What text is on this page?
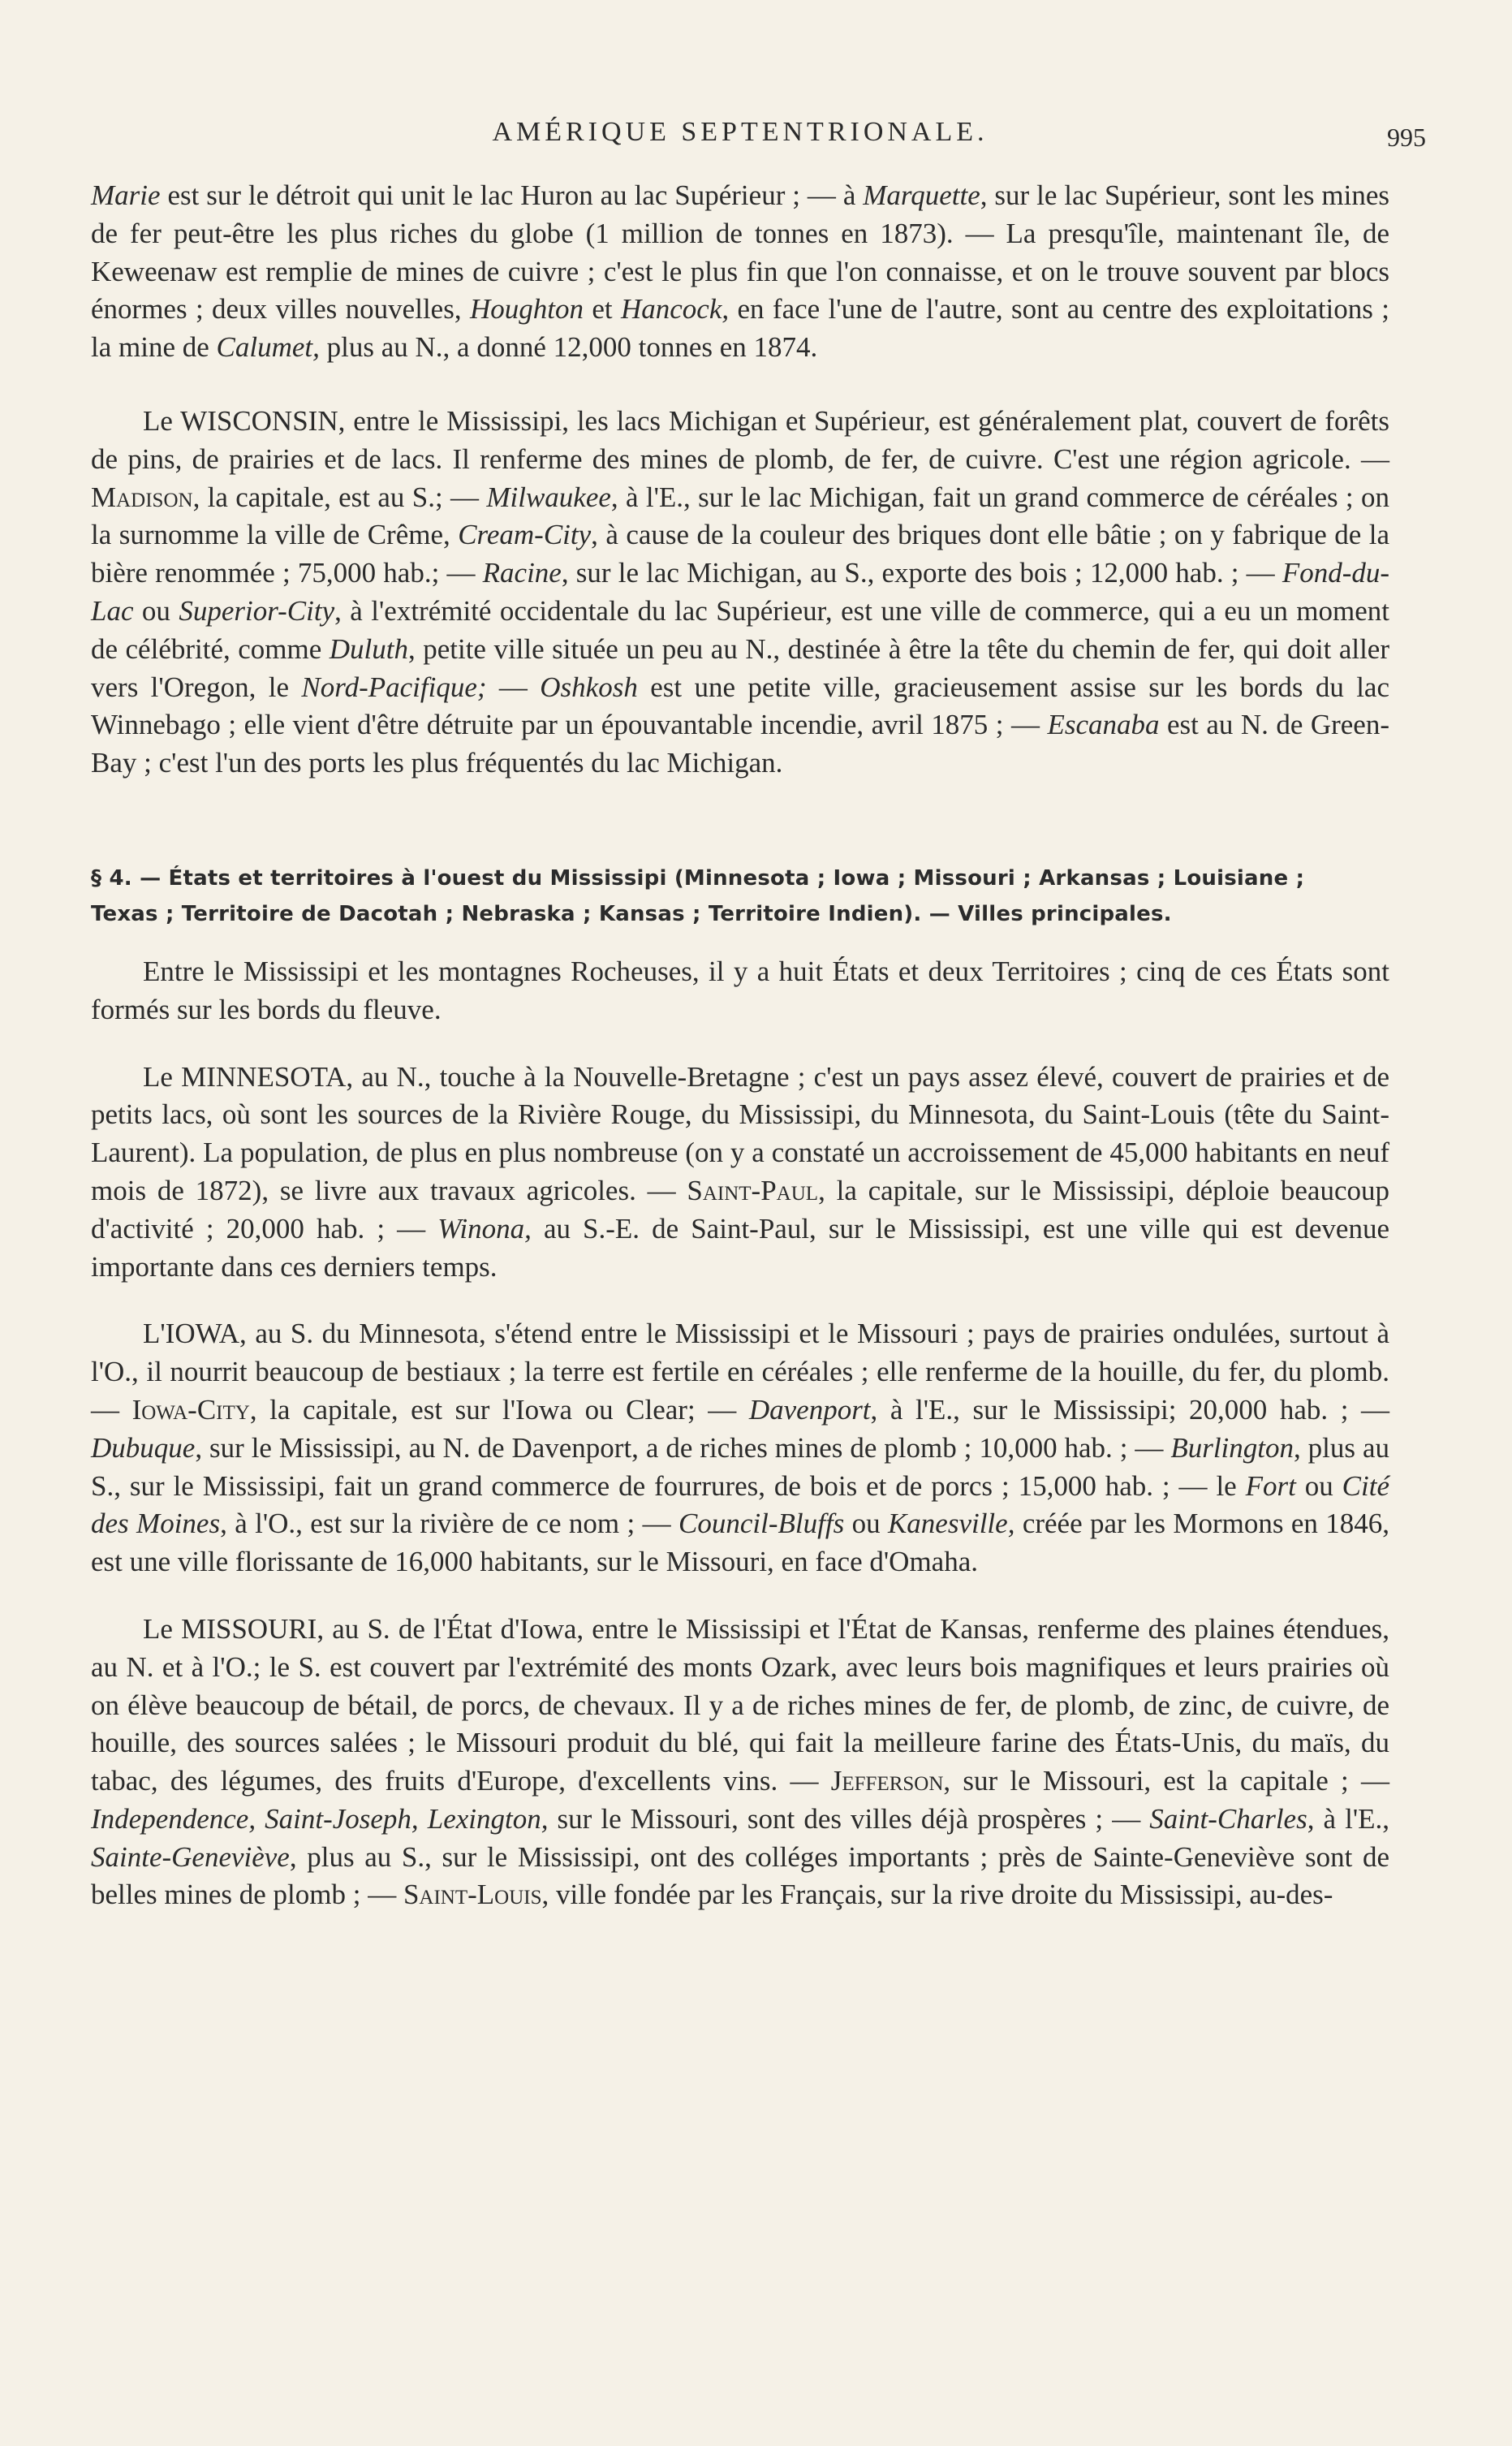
AMÉRIQUE SEPTENTRIONALE.	995

Marie est sur le détroit qui unit le lac Huron au lac Supérieur ; — à Marquette, sur le lac Supérieur, sont les mines de fer peut-être les plus riches du globe (1 million de tonnes en 1873). — La presqu'île, maintenant île, de Keweenaw est remplie de mines de cuivre ; c'est le plus fin que l'on connaisse, et on le trouve souvent par blocs énormes ; deux villes nouvelles, Houghton et Hancock, en face l'une de l'autre, sont au centre des exploitations ; la mine de Calumet, plus au N., a donné 12,000 tonnes en 1874.

Le WISCONSIN, entre le Mississipi, les lacs Michigan et Supérieur, est généralement plat, couvert de forêts de pins, de prairies et de lacs. Il renferme des mines de plomb, de fer, de cuivre. C'est une région agricole. — Madison, la capitale, est au S.; — Milwaukee, à l'E., sur le lac Michigan, fait un grand commerce de céréales ; on la surnomme la ville de Crême, Cream-City, à cause de la couleur des briques dont elle bâtie ; on y fabrique de la bière renommée ; 75,000 hab.; — Racine, sur le lac Michigan, au S., exporte des bois ; 12,000 hab. ; — Fond-du-Lac ou Superior-City, à l'extrémité occidentale du lac Supérieur, est une ville de commerce, qui a eu un moment de célébrité, comme Duluth, petite ville située un peu au N., destinée à être la tête du chemin de fer, qui doit aller vers l'Oregon, le Nord-Pacifique; — Oshkosh est une petite ville, gracieusement assise sur les bords du lac Winnebago ; elle vient d'être détruite par un épouvantable incendie, avril 1875 ; — Escanaba est au N. de Green-Bay ; c'est l'un des ports les plus fréquentés du lac Michigan.

§ 4. — États et territoires à l'ouest du Mississipi (Minnesota ; Iowa ; Missouri ; Arkansas ; Louisiane ;
Texas ; Territoire de Dacotah ; Nebraska ; Kansas ; Territoire Indien). — Villes principales.

Entre le Mississipi et les montagnes Rocheuses, il y a huit États et deux Territoires ; cinq de ces États sont formés sur les bords du fleuve.

Le MINNESOTA, au N., touche à la Nouvelle-Bretagne ; c'est un pays assez élevé, couvert de prairies et de petits lacs, où sont les sources de la Rivière Rouge, du Mississipi, du Minnesota, du Saint-Louis (tête du Saint-Laurent). La population, de plus en plus nombreuse (on y a constaté un accroissement de 45,000 habitants en neuf mois de 1872), se livre aux travaux agricoles. — Saint-Paul, la capitale, sur le Mississipi, déploie beaucoup d'activité ; 20,000 hab. ; — Winona, au S.-E. de Saint-Paul, sur le Mississipi, est une ville qui est devenue importante dans ces derniers temps.

L'IOWA, au S. du Minnesota, s'étend entre le Mississipi et le Missouri ; pays de prairies ondulées, surtout à l'O., il nourrit beaucoup de bestiaux ; la terre est fertile en céréales ; elle renferme de la houille, du fer, du plomb. — Iowa-City, la capitale, est sur l'Iowa ou Clear; — Davenport, à l'E., sur le Mississipi; 20,000 hab. ; — Dubuque, sur le Mississipi, au N. de Davenport, a de riches mines de plomb ; 10,000 hab. ; — Burlington, plus au S., sur le Mississipi, fait un grand commerce de fourrures, de bois et de porcs ; 15,000 hab. ; — le Fort ou Cité des Moines, à l'O., est sur la rivière de ce nom ; — Council-Bluffs ou Kanesville, créée par les Mormons en 1846, est une ville florissante de 16,000 habitants, sur le Missouri, en face d'Omaha.

Le MISSOURI, au S. de l'État d'Iowa, entre le Mississipi et l'État de Kansas, renferme des plaines étendues, au N. et à l'O.; le S. est couvert par l'extrémité des monts Ozark, avec leurs bois magnifiques et leurs prairies où on élève beaucoup de bétail, de porcs, de chevaux. Il y a de riches mines de fer, de plomb, de zinc, de cuivre, de houille, des sources salées ; le Missouri produit du blé, qui fait la meilleure farine des États-Unis, du maïs, du tabac, des légumes, des fruits d'Europe, d'excellents vins. — Jefferson, sur le Missouri, est la capitale ; — Independence, Saint-Joseph, Lexington, sur le Missouri, sont des villes déjà prospères ; — Saint-Charles, à l'E., Sainte-Geneviève, plus au S., sur le Mississipi, ont des colléges importants ; près de Sainte-Geneviève sont de belles mines de plomb ; — Saint-Louis, ville fondée par les Français, sur la rive droite du Mississipi, au-des-
